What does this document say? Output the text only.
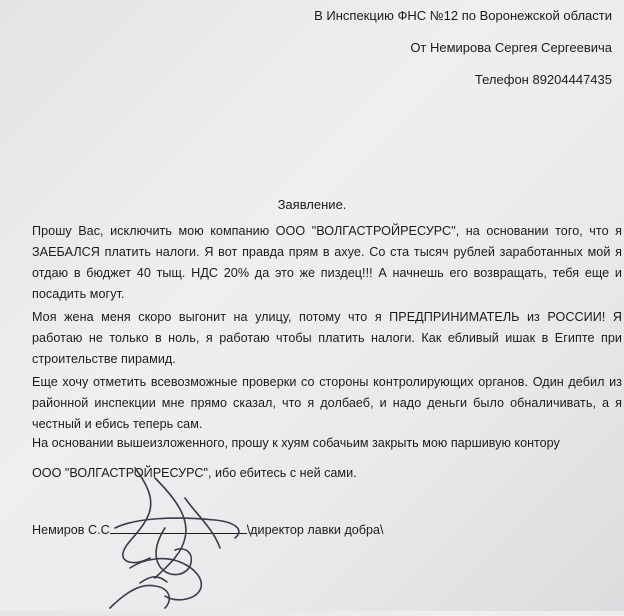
В Инспекцию ФНС №12 по Воронежской области
От Немирова Сергея Сергеевича
Телефон 89204447435
Заявление.
Прошу Вас, исключить мою компанию ООО "ВОЛГАСТРОЙРЕСУРС", на основании того, что я ЗАЕБАЛСЯ платить налоги. Я вот правда прям в ахуе. Со ста тысяч рублей заработанных мой я отдаю в бюджет 40 тыщ. НДС 20% да это же пиздец!!! А начнешь его возвращать, тебя еще и посадить могут.
Моя жена меня скоро выгонит на улицу, потому что я ПРЕДПРИНИМАТЕЛЬ из РОССИИ! Я работаю не только в ноль, я работаю чтобы платить налоги. Как ебливый ишак в Египте при строительстве пирамид.
Еще хочу отметить всевозможные проверки со стороны контролирующих органов. Один дебил из районной инспекции мне прямо сказал, что я долбаеб, и надо деньги было обналичивать, а я честный и ебись теперь сам.
На основании вышеизложенного, прошу к хуям собачьим закрыть мою паршивую контору
ООО "ВОЛГАСТРОЙРЕСУРС", ибо ебитесь с ней сами.
Немиров С.С	\директор лавки добра\
